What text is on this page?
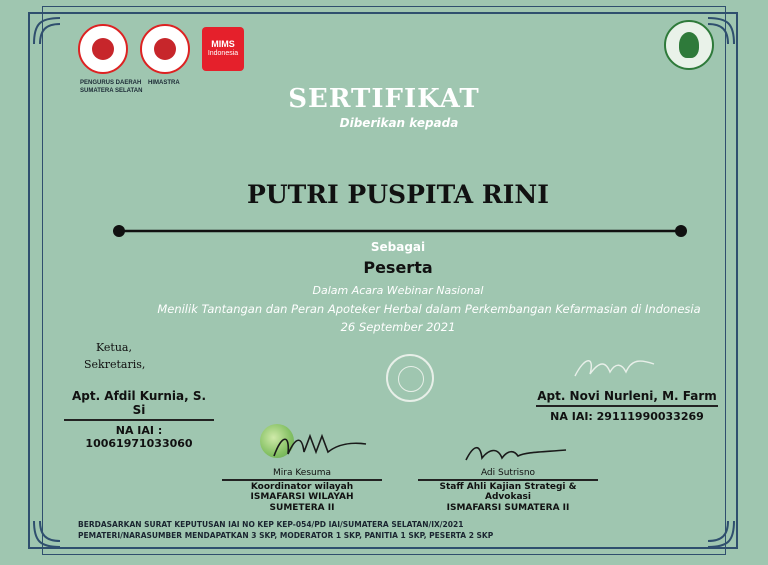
MIMS
Indonesia
PENGURUS DAERAH
SUMATERA SELATAN
HIMASTRA
SERTIFIKAT
Diberikan kepada
PUTRI PUSPITA RINI
Sebagai
Peserta
Dalam Acara Webinar Nasional
Menilik Tantangan dan Peran Apoteker Herbal dalam Perkembangan Kefarmasian di Indonesia
26 September 2021
Ketua,
Sekretaris,
Apt. Afdil Kurnia, S. Si
NA IAI : 10061971033060
Apt. Novi Nurleni, M. Farm
NA IAI: 29111990033269
Mira Kesuma
Koordinator wilayah
ISMAFARSI WILAYAH SUMETERA II
Adi Sutrisno
Staff Ahli Kajian Strategi & Advokasi
ISMAFARSI SUMATERA II
BERDASARKAN SURAT KEPUTUSAN IAI NO KEP KEP-054/PD IAI/SUMATERA SELATAN/IX/2021
PEMATERI/NARASUMBER MENDAPATKAN 3 SKP, MODERATOR 1 SKP, PANITIA 1 SKP, PESERTA 2 SKP
